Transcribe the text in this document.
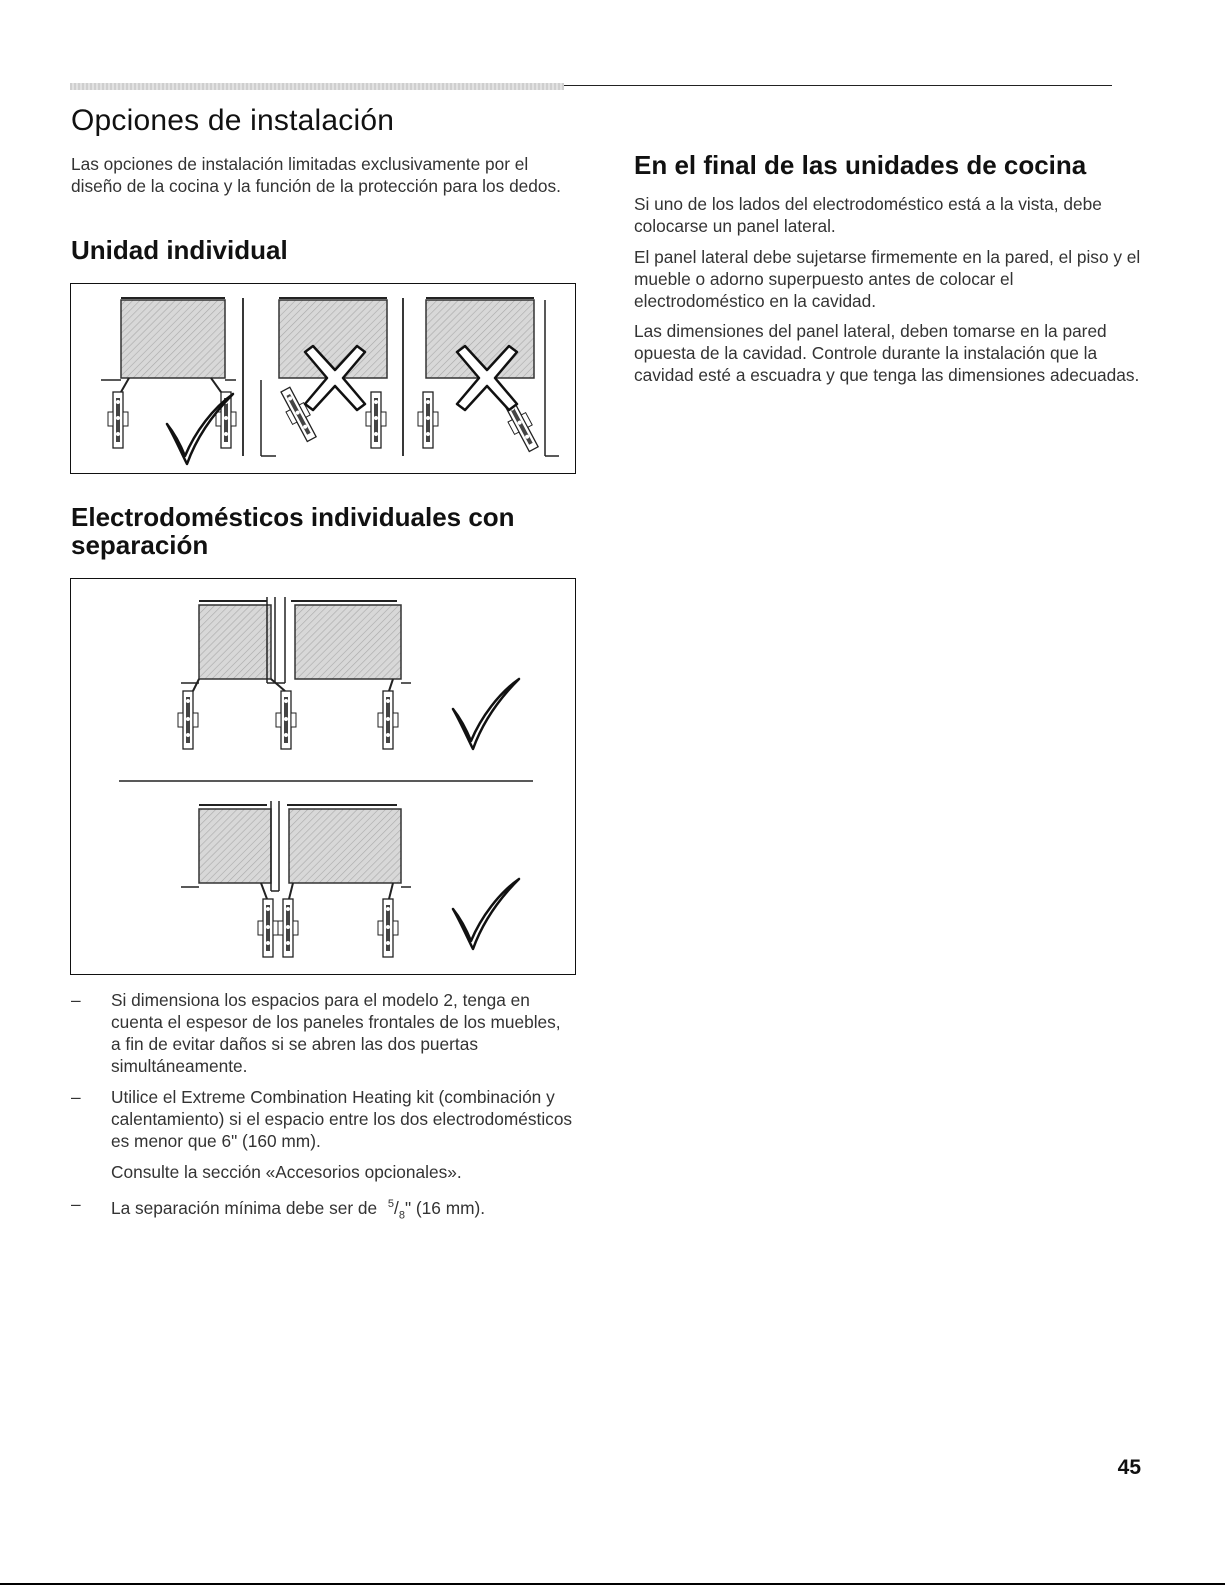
Opciones de instalación

Las opciones de instalación limitadas exclusivamente por el diseño de la cocina y la función de la protección para los dedos.

Unidad individual
Electrodomésticos individuales con separación
– Si dimensiona los espacios para el modelo 2, tenga en cuenta el espesor de los paneles frontales de los muebles, a fin de evitar daños si se abren las dos puertas simultáneamente.
– Utilice el Extreme Combination Heating kit (combinación y calentamiento) si el espacio entre los dos electrodomésticos es menor que 6" (160 mm).

Consulte la sección «Accesorios opcionales».

– La separación mínima debe ser de $^5/_8$" (16 mm).
En el final de las unidades de cocina

Si uno de los lados del electrodoméstico está a la vista, debe colocarse un panel lateral.

El panel lateral debe sujetarse firmemente en la pared, el piso y el mueble o adorno superpuesto antes de colocar el electrodoméstico en la cavidad.

Las dimensiones del panel lateral, deben tomarse en la pared opuesta de la cavidad. Controle durante la instalación que la cavidad esté a escuadra y que tenga las dimensiones adecuadas.

45
